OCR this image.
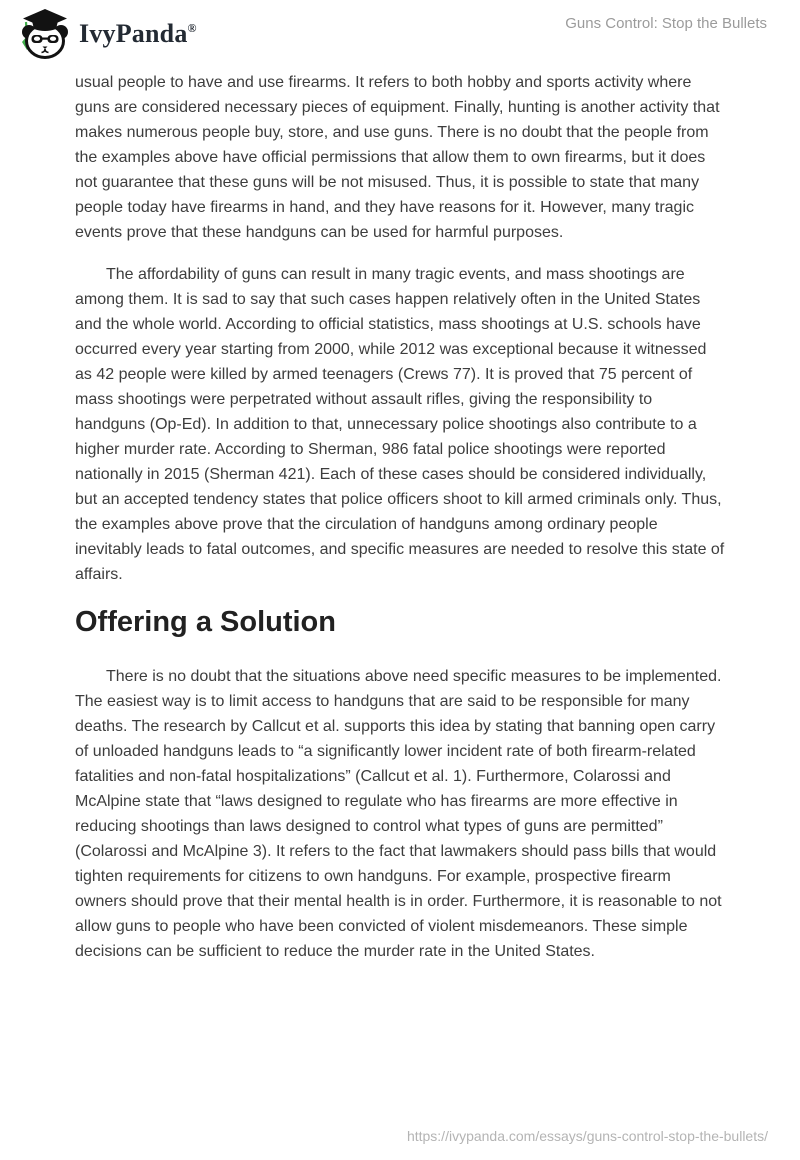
IvyPanda®	Guns Control: Stop the Bullets

usual people to have and use firearms. It refers to both hobby and sports activity where guns are considered necessary pieces of equipment. Finally, hunting is another activity that makes numerous people buy, store, and use guns. There is no doubt that the people from the examples above have official permissions that allow them to own firearms, but it does not guarantee that these guns will be not misused. Thus, it is possible to state that many people today have firearms in hand, and they have reasons for it. However, many tragic events prove that these handguns can be used for harmful purposes.

The affordability of guns can result in many tragic events, and mass shootings are among them. It is sad to say that such cases happen relatively often in the United States and the whole world. According to official statistics, mass shootings at U.S. schools have occurred every year starting from 2000, while 2012 was exceptional because it witnessed as 42 people were killed by armed teenagers (Crews 77). It is proved that 75 percent of mass shootings were perpetrated without assault rifles, giving the responsibility to handguns (Op-Ed). In addition to that, unnecessary police shootings also contribute to a higher murder rate. According to Sherman, 986 fatal police shootings were reported nationally in 2015 (Sherman 421). Each of these cases should be considered individually, but an accepted tendency states that police officers shoot to kill armed criminals only. Thus, the examples above prove that the circulation of handguns among ordinary people inevitably leads to fatal outcomes, and specific measures are needed to resolve this state of affairs.

Offering a Solution

There is no doubt that the situations above need specific measures to be implemented. The easiest way is to limit access to handguns that are said to be responsible for many deaths. The research by Callcut et al. supports this idea by stating that banning open carry of unloaded handguns leads to “a significantly lower incident rate of both firearm-related fatalities and non-fatal hospitalizations” (Callcut et al. 1). Furthermore, Colarossi and McAlpine state that “laws designed to regulate who has firearms are more effective in reducing shootings than laws designed to control what types of guns are permitted” (Colarossi and McAlpine 3). It refers to the fact that lawmakers should pass bills that would tighten requirements for citizens to own handguns. For example, prospective firearm owners should prove that their mental health is in order. Furthermore, it is reasonable to not allow guns to people who have been convicted of violent misdemeanors. These simple decisions can be sufficient to reduce the murder rate in the United States.

https://ivypanda.com/essays/guns-control-stop-the-bullets/
